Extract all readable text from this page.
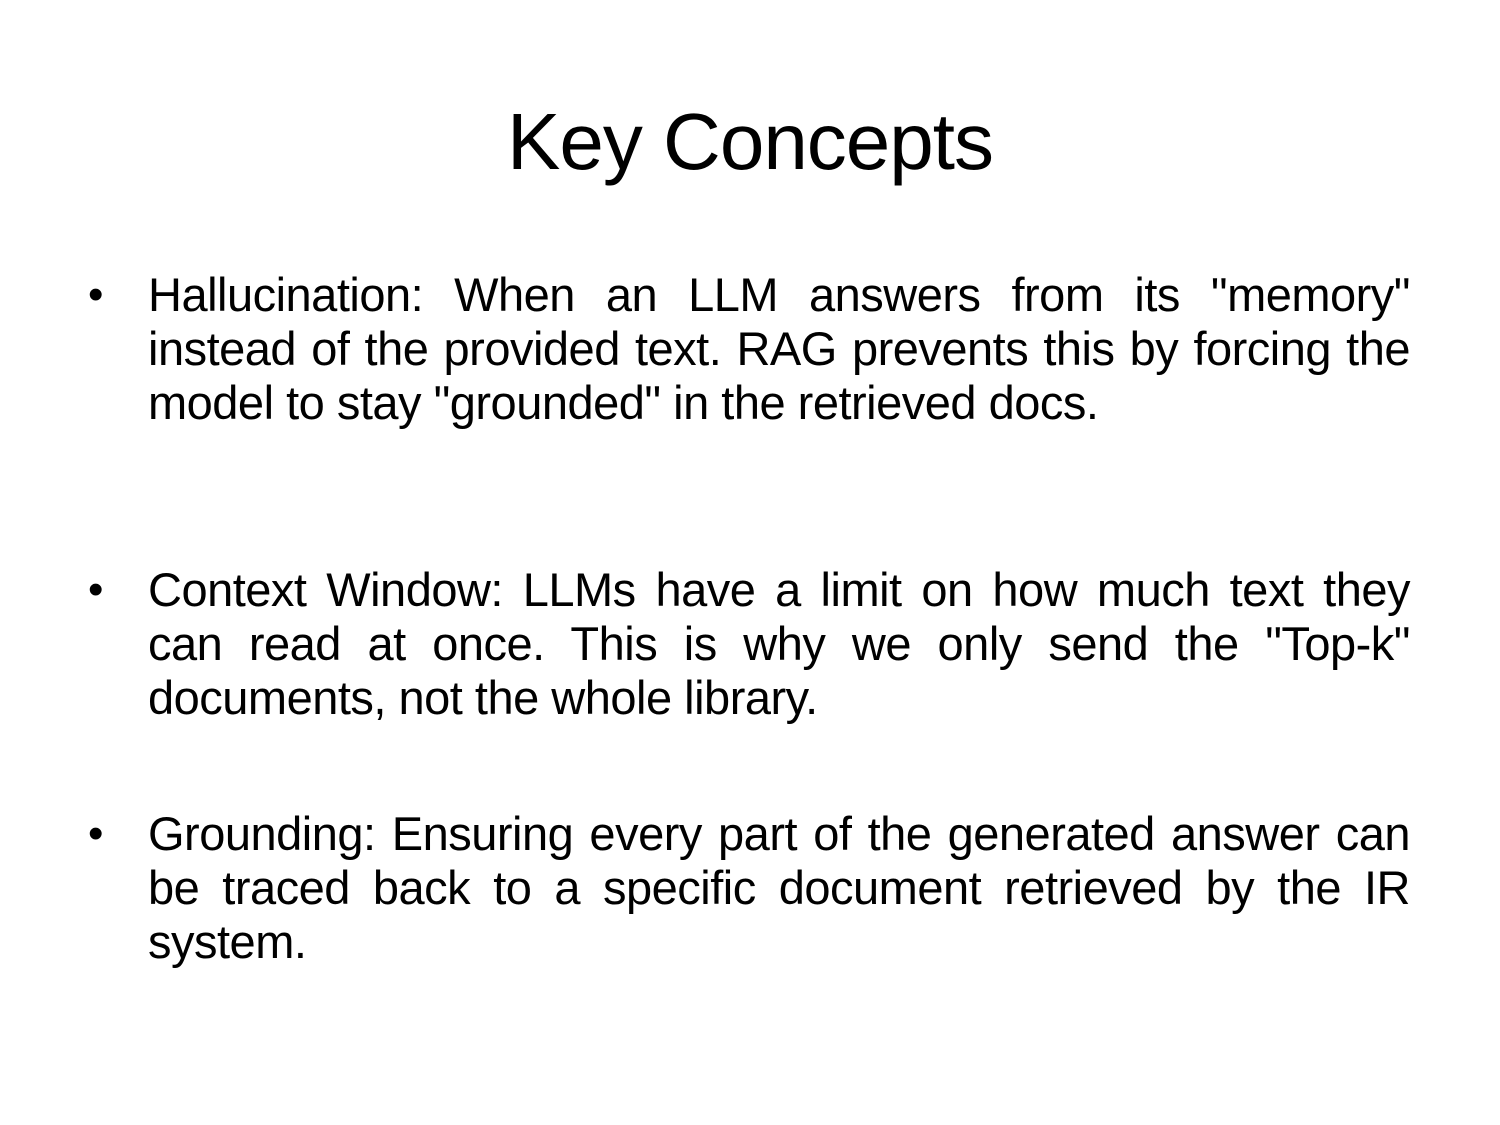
Key Concepts
• Hallucination: When an LLM answers from its "memory" instead of the provided text. RAG prevents this by forcing the model to stay "grounded" in the retrieved docs.
• Context Window: LLMs have a limit on how much text they can read at once. This is why we only send the "Top-k" documents, not the whole library.
• Grounding: Ensuring every part of the generated answer can be traced back to a specific document retrieved by the IR system.
